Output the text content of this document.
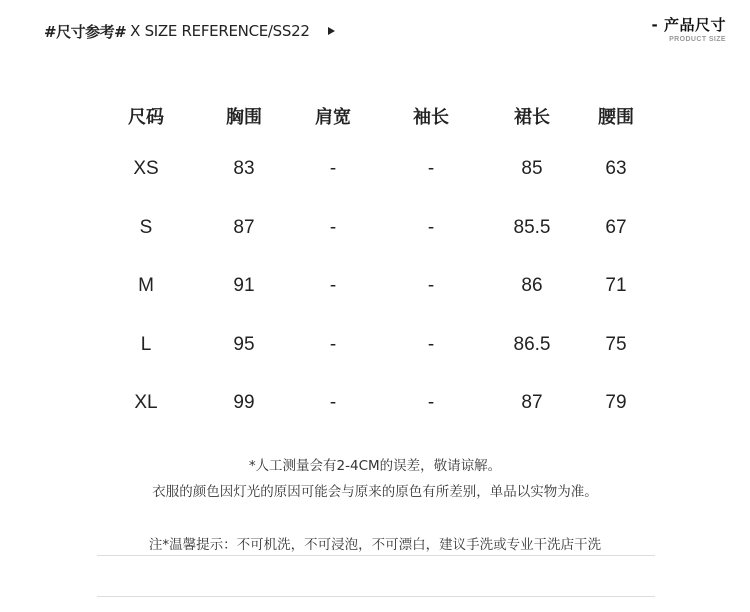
#尺寸参考# X SIZE REFERENCE/SS22	- 产品尺寸
PRODUCT SIZE
尺码	胸围	肩宽	袖长	裙长	腰围
XS	83	-	-	85	63
S	87	-	-	85.5	67
M	91	-	-	86	71
L	95	-	-	86.5	75
XL	99	-	-	87	79
*人工测量会有2-4CM的误差，敬请谅解。
衣服的颜色因灯光的原因可能会与原来的原色有所差别，单品以实物为准。
注*温馨提示：不可机洗，不可浸泡，不可漂白，建议手洗或专业干洗店干洗
